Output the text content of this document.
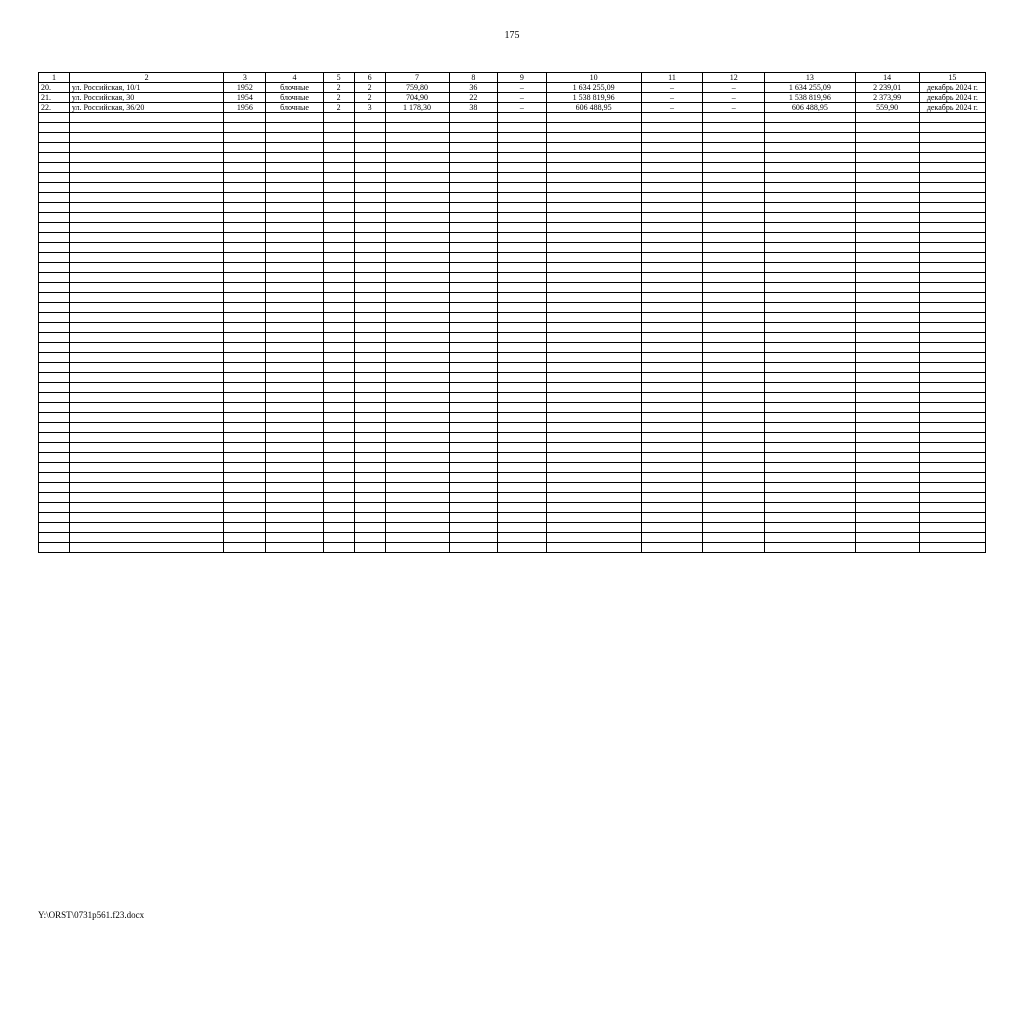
175
1	2	3	4	5	6	7	8	9	10	11	12	13	14	15
20.	ул. Российская, 10/1	1952	блочные	2	2	759,80	36	–	1 634 255,09	–	–	1 634 255,09	2 239,01	декабрь 2024 г.
21.	ул. Российская, 30	1954	блочные	2	2	704,90	22	–	1 538 819,96	–	–	1 538 819,96	2 373,99	декабрь 2024 г.
22.	ул. Российская, 36/20	1956	блочные	2	3	1 178,30	38	–	606 488,95	–	–	606 488,95	559,90	декабрь 2024 г.

Y:\ORST\0731p561.f23.docx
